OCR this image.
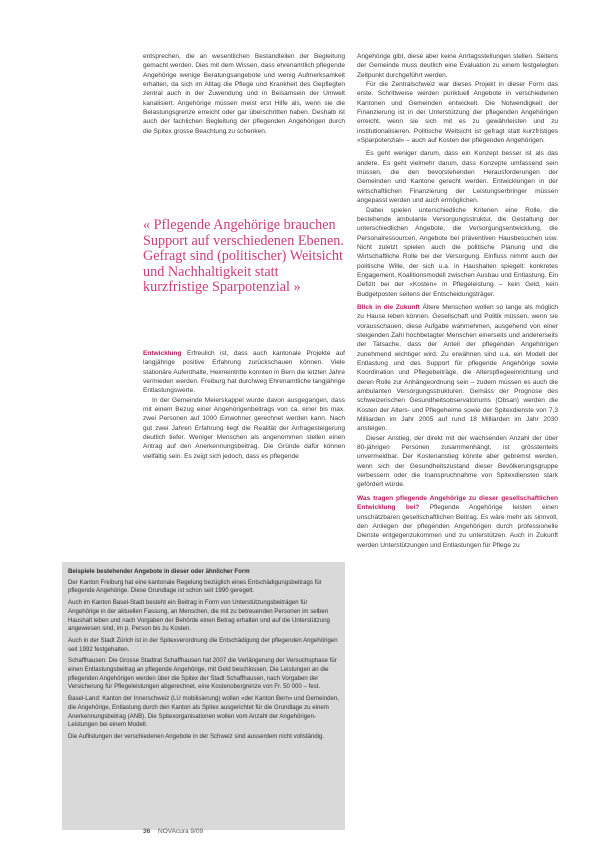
entsprechen, die an wesentlichen Bestandteilen der Begleitung gemacht werden. Dies mit dem Wissen, dass ehrenamtlich pflegende Angehörige wenige Beratungsangebote und wenig Aufmerksamkeit erhalten, da sich im Alltag die Pflege und Krankheit des Gepflegten zentral auch in der Zuwendung und in Beisamsein der Umwelt kanalisiert. Angehörige müssen meist erst Hilfe als, wenn sie die Belastungsgrenze erreicht oder gar überschritten haben. Deshalb ist auch der fachlichen Begleitung der pflegenden Angehörigen durch die Spitex grosse Beachtung zu schenken.

« Pflegende Angehörige brauchen Support auf verschiedenen Ebenen. Gefragt sind (politischer) Weitsicht und Nachhaltigkeit statt kurzfristige Sparpotenzial »

Entwicklung Erfreulich ist, dass auch kantonale Projekte auf langjährige positive Erfahrung zurückschauen können. Viele stationäre Aufenthalte, Heimeintritte konnten in Bern die letzten Jahre vermieden werden. Freiburg hat durchweg Ehrenamtliche langjährige Entlastungswerte.

In der Gemeinde Meierskappel wurde davon ausgegangen, dass mit einem Bezug einer Angehörigenbeitrags von ca. einer bis max. zwei Personen auf 1000 Einwohner gerechnet werden kann. Nach gut zwei Jahren Erfahrung liegt die Realität der Anfragesteigerung deutlich tiefer. Weniger Menschen als angenommen stellen einen Antrag auf den Anerkennungsbeitrag. Die Gründe dafür können vielfältig sein. Es zeigt sich jedoch, dass es pflegende

Angehörige gibt, diese aber keine Anrtagsstellungen stellen. Seitens der Gemeinde muss deutlich eine Evaluation zu einem festgelegten Zeitpunkt durchgeführt werden.

Für die Zentralschweiz war dieses Projekt in dieser Form das erste. Schrittweise werden punktuell Angebote in verschiedenen Kantonen und Gemeinden entwickelt. Die Notwendigkeit der Finanzierung ist in der Unterstützung der pflegenden Angehörigen erreicht, wenn sie sich mit es zu gewährleisten und zu institutionalisieren. Politische Weitsicht ist gefragt statt kurzfristiges «Sparpotenzial» – auch auf Kosten der pflegenden Angehörigen.

Es geht weniger darum, dass ein Konzept besser ist als das andere. Es geht vielmehr darum, dass Konzepte umfassend sein müssen, die den bevorstehenden Herausforderungen der Gemeinden und Kantone gerecht werden. Entwicklungen in der wirtschaftlichen Finanzierung der Leistungserbringer müssen angepasst werden und auch ermöglichen.

Dabei spielen unterschiedliche Kriterien eine Rolle, die bestehende ambulante Versorgungsstruktur, die Gestaltung der unterschiedlichen Angebote, die Versorgungsentwicklung, die Personalressourcen, Angebote bei präventiven Hausbesuchen usw. Nicht zuletzt spielen auch die politische Planung und die Wirtschaftliche Rolle bei der Versorgung. Einfluss nimmt auch der politische Wille, der sich u.a. in Haushalten spiegelt: konkretes Engagement, Koalitionsmodell zwischen Ausbau und Entlastung. Ein Defizit bei der «Kosten» in Pflegeleistung – kein Geld, kein Budgetposten seitens der Entscheidungsträger.

Blick in die Zukunft Ältere Menschen wollen so lange als möglich zu Hause leben können. Gesellschaft und Politik müssen, wenn sie vorausschauen, diese Aufgabe wahrnehmen, ausgehend von einer steigenden Zahl hochbetagter Menschen einerseits und andererseits der Tatsache, dass der Anteil der pflegenden Angehörigen zunehmend wichtiger wird. Zu erwähnen sind u.a. ein Modell der Entlastung und des Support für pflegende Angehörige sowie Koordination und Pflegebeiträge, die Alterspflegeeinrichtung und deren Rolle zur Anhängeordnung sein – zudem müssen es auch die ambulanten Versorgungsstrukturen. Gemäss der Prognose des schweizerischen Gesundheitsobservatoriums (Obsan) werden die Kosten der Alters- und Pflegeheime sowie der Spitexdienste von 7,3 Milliarden im Jahr 2005 auf rund 18 Milliarden im Jahr 2030 ansteigen.

Dieser Anstieg, der direkt mit der wachsenden Anzahl der über 80-jährigen Personen zusammenhängt, ist grösstenteils unvermeidbar. Der Kostenanstieg könnte aber gebremst werden, wenn sich der Gesundheitszustand dieser Bevölkerungsgruppe verbessern oder die Inanspruchnahme von Spitexdiensten stark gefördert würde.

Was tragen pflegende Angehörige zu dieser gesellschaftlichen Entwicklung bei? Pflegende Angehörige leisten einen unschätzbaren gesellschaftlichen Beitrag. Es wäre mehr als sinnvoll, den Anliegen der pflegenden Angehörigen durch professionelle Dienste entgegenzukommen und zu unterstützen. Auch in Zukunft werden Unterstützungen und Entlastungen für Pflege zu

Beispiele bestehender Angebote in dieser oder ähnlicher Form

Der Kanton Freiburg hat eine kantonale Regelung bezüglich eines Entschädigungsbeitrags für pflegende Angehörige. Diese Grundlage ist schon seit 1990 geregelt.

Auch im Kanton Basel-Stadt besteht ein Beitrag in Form von Unterstützungsbeiträgen für Angehörige in der aktuellen Fassung, an Menschen, die mit zu betreuenden Personen im selben Haushalt leben und nach Vorgaben der Behörde einen Betrag erhalten und auf die Unterstützung angewiesen sind, im p. Person bis zu Kosten.

Auch in der Stadt Zürich ist in der Spitexverordnung die Entschädigung der pflegenden Angehörigen seit 1992 festgehalten.

Schaffhausen: Die Grosse Stadtrat Schaffhausen hat 2007 die Verlängerung der Versuchsphase für einen Entlastungsbeitrag an pflegende Angehörige, mit Geld beschlossen. Die Leistungen an die pflegenden Angehörigen werden über die Spitex der Stadt Schaffhausen, nach Vorgaben der Versicherung für Pflegeleistungen abgerechnet, eine Kostenobergrenze von Fr. 50 000 – fest.

Basel-Land: Kanton der Innerschweiz (LU mobilisierung) wollen «der Kanton Bern» und Gemeinden, die Angehörige, Entlastung durch den Kanton als Spitex ausgerichtet für die Grundlage zu einem Anerkennungsbeitrag (ANB). Die Spitexorganisationen wollen vom Anzahl der Angehörigen-Leistungen bei einem Modell.

Die Auflistungen der verschiedenen Angebote in der Schweiz sind ausserdem nicht vollständig.

36 NOVAcura 9/09
